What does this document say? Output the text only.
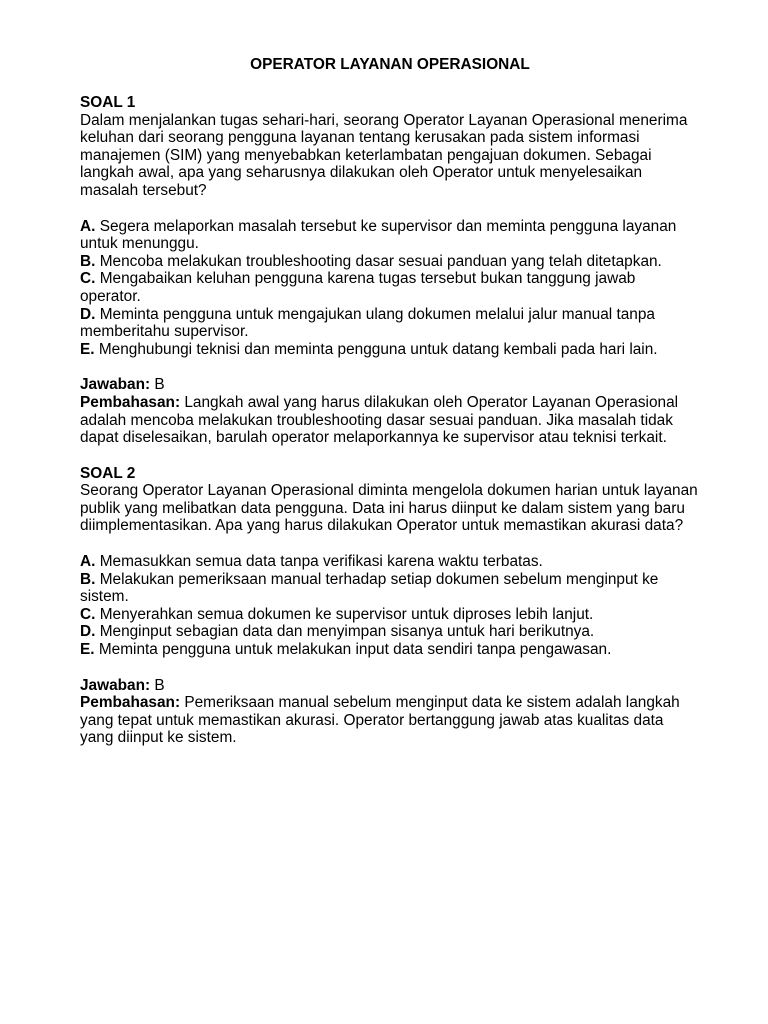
OPERATOR LAYANAN OPERASIONAL
SOAL 1
Dalam menjalankan tugas sehari-hari, seorang Operator Layanan Operasional menerima keluhan dari seorang pengguna layanan tentang kerusakan pada sistem informasi manajemen (SIM) yang menyebabkan keterlambatan pengajuan dokumen. Sebagai langkah awal, apa yang seharusnya dilakukan oleh Operator untuk menyelesaikan masalah tersebut?
A. Segera melaporkan masalah tersebut ke supervisor dan meminta pengguna layanan untuk menunggu.
B. Mencoba melakukan troubleshooting dasar sesuai panduan yang telah ditetapkan.
C. Mengabaikan keluhan pengguna karena tugas tersebut bukan tanggung jawab operator.
D. Meminta pengguna untuk mengajukan ulang dokumen melalui jalur manual tanpa memberitahu supervisor.
E. Menghubungi teknisi dan meminta pengguna untuk datang kembali pada hari lain.
Jawaban: B
Pembahasan: Langkah awal yang harus dilakukan oleh Operator Layanan Operasional adalah mencoba melakukan troubleshooting dasar sesuai panduan. Jika masalah tidak dapat diselesaikan, barulah operator melaporkannya ke supervisor atau teknisi terkait.
SOAL 2
Seorang Operator Layanan Operasional diminta mengelola dokumen harian untuk layanan publik yang melibatkan data pengguna. Data ini harus diinput ke dalam sistem yang baru diimplementasikan. Apa yang harus dilakukan Operator untuk memastikan akurasi data?
A. Memasukkan semua data tanpa verifikasi karena waktu terbatas.
B. Melakukan pemeriksaan manual terhadap setiap dokumen sebelum menginput ke sistem.
C. Menyerahkan semua dokumen ke supervisor untuk diproses lebih lanjut.
D. Menginput sebagian data dan menyimpan sisanya untuk hari berikutnya.
E. Meminta pengguna untuk melakukan input data sendiri tanpa pengawasan.
Jawaban: B
Pembahasan: Pemeriksaan manual sebelum menginput data ke sistem adalah langkah yang tepat untuk memastikan akurasi. Operator bertanggung jawab atas kualitas data yang diinput ke sistem.
